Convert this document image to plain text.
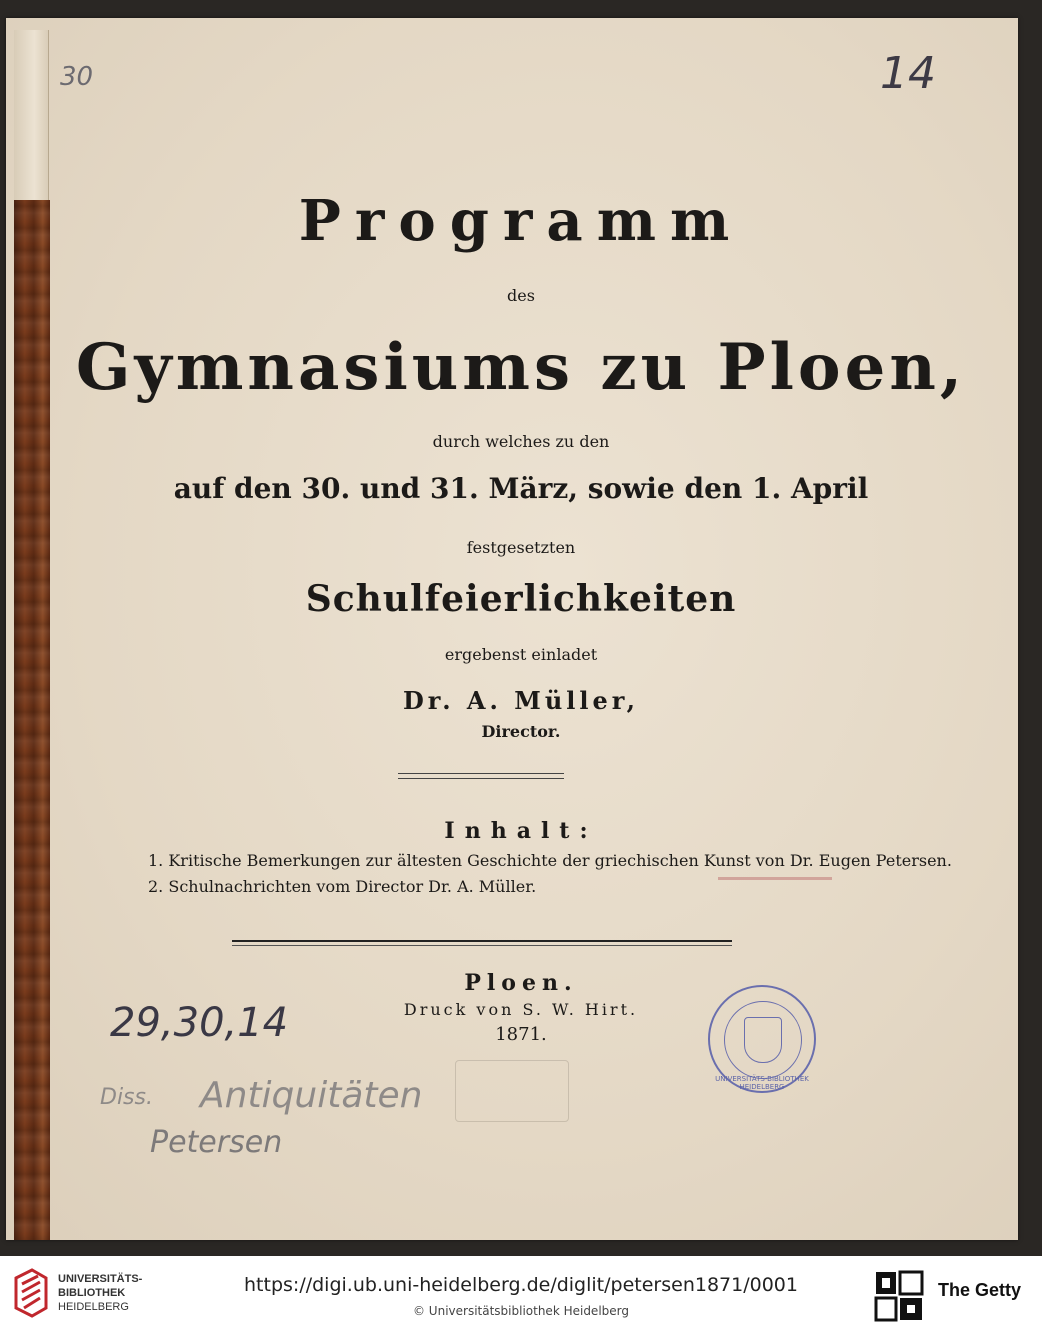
30	14
Programm
des
Gymnasiums zu Ploen,
durch welches zu den
auf den 30. und 31. März, sowie den 1. April
festgesetzten
Schulfeierlichkeiten
ergebenst einladet
Dr. A. Müller,
Director.
Inhalt:
1. Kritische Bemerkungen zur ältesten Geschichte der griechischen Kunst von Dr. Eugen Petersen.
2. Schulnachrichten vom Director Dr. A. Müller.
Ploen.
Druck von S. W. Hirt.
1871.
UNIVERSITÄTS-BIBLIOTHEK HEIDELBERG
29,30,14
Diss. Antiquitäten
Petersen
UNIVERSITÄTS-
BIBLIOTHEK
HEIDELBERG
https://digi.ub.uni-heidelberg.de/diglit/petersen1871/0001
© Universitätsbibliothek Heidelberg
The Getty
